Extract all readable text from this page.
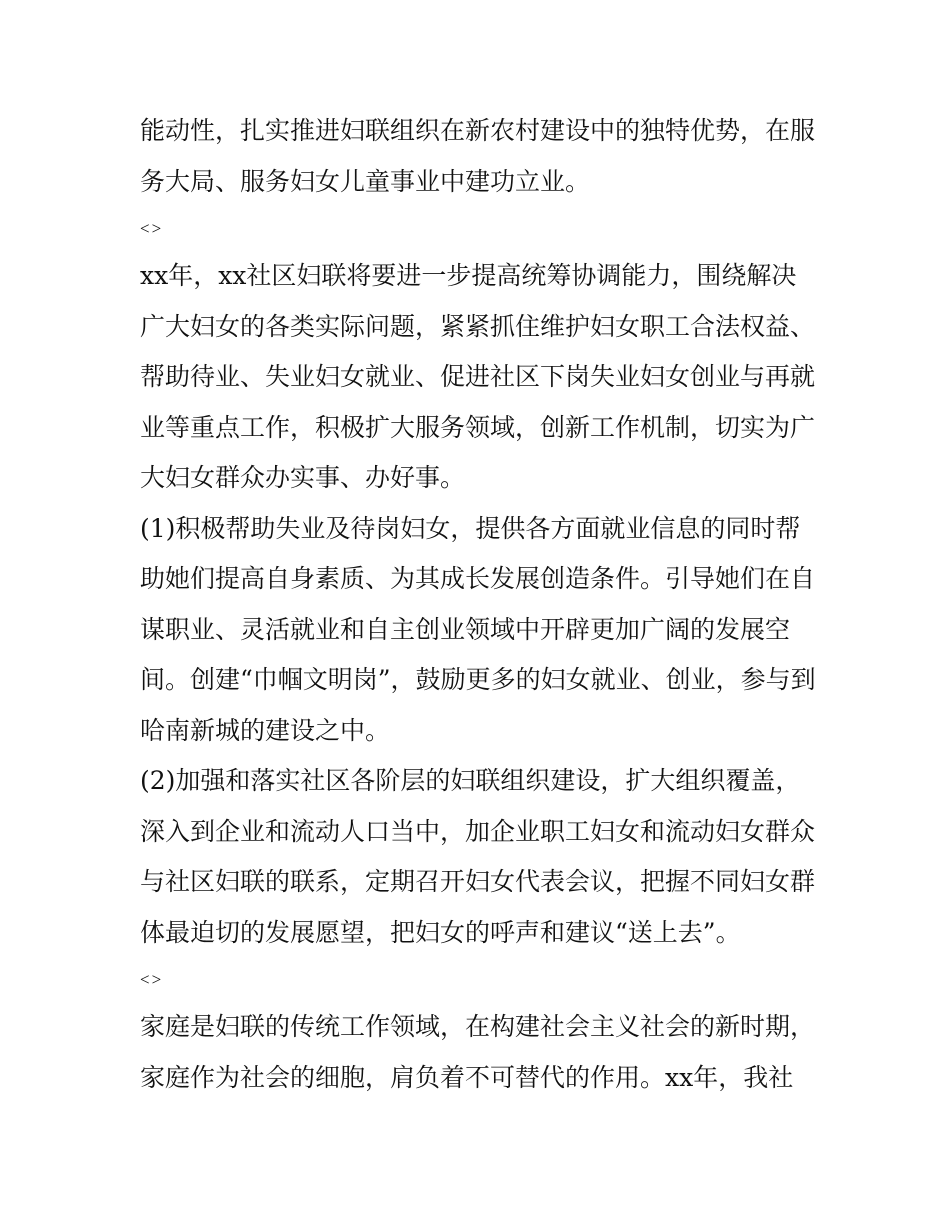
能动性，扎实推进妇联组织在新农村建设中的独特优势，在服务大局、服务妇女儿童事业中建功立业。

<>

xx年，xx社区妇联将要进一步提高统筹协调能力，围绕解决广大妇女的各类实际问题，紧紧抓住维护妇女职工合法权益、帮助待业、失业妇女就业、促进社区下岗失业妇女创业与再就业等重点工作，积极扩大服务领域，创新工作机制，切实为广大妇女群众办实事、办好事。

(1)积极帮助失业及待岗妇女，提供各方面就业信息的同时帮助她们提高自身素质、为其成长发展创造条件。引导她们在自谋职业、灵活就业和自主创业领域中开辟更加广阔的发展空间。创建“巾帼文明岗”，鼓励更多的妇女就业、创业，参与到哈南新城的建设之中。

(2)加强和落实社区各阶层的妇联组织建设，扩大组织覆盖，深入到企业和流动人口当中，加企业职工妇女和流动妇女群众与社区妇联的联系，定期召开妇女代表会议，把握不同妇女群体最迫切的发展愿望，把妇女的呼声和建议“送上去”。

<>

家庭是妇联的传统工作领域，在构建社会主义社会的新时期，家庭作为社会的细胞，肩负着不可替代的作用。xx年，我社
